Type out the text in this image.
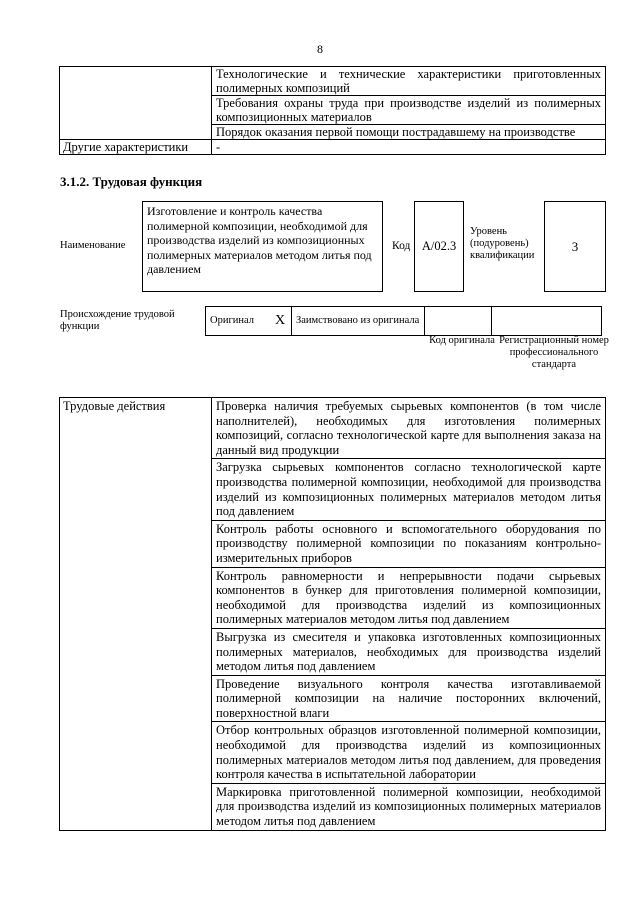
8
	Технологические и технические характеристики приготовленных полимерных композиций
	Требования охраны труда при производстве изделий из полимерных композиционных материалов
	Порядок оказания первой помощи пострадавшему на производстве
Другие характеристики	-
3.1.2. Трудовая функция
Наименование
Изготовление и контроль качества полимерной композиции, необходимой для производства изделий из композиционных полимерных материалов методом литья под давлением
Код А/02.3
Уровень (подуровень) квалификации
3
Происхождение трудовой функции
Оригинал	X	Заимствовано из оригинала		
Код оригинала Регистрационный номер профессионального стандарта
Трудовые действия	Проверка наличия требуемых сырьевых компонентов (в том числе наполнителей), необходимых для изготовления полимерных композиций, согласно технологической карте для выполнения заказа на данный вид продукции
Загрузка сырьевых компонентов согласно технологической карте производства полимерной композиции, необходимой для производства изделий из композиционных полимерных материалов методом литья под давлением
Контроль работы основного и вспомогательного оборудования по производству полимерной композиции по показаниям контрольно-измерительных приборов
Контроль равномерности и непрерывности подачи сырьевых компонентов в бункер для приготовления полимерной композиции, необходимой для производства изделий из композиционных полимерных материалов методом литья под давлением
Выгрузка из смесителя и упаковка изготовленных композиционных полимерных материалов, необходимых для производства изделий методом литья под давлением
Проведение визуального контроля качества изготавливаемой полимерной композиции на наличие посторонних включений, поверхностной влаги
Отбор контрольных образцов изготовленной полимерной композиции, необходимой для производства изделий из композиционных полимерных материалов методом литья под давлением, для проведения контроля качества в испытательной лаборатории
Маркировка приготовленной полимерной композиции, необходимой для производства изделий из композиционных полимерных материалов методом литья под давлением
